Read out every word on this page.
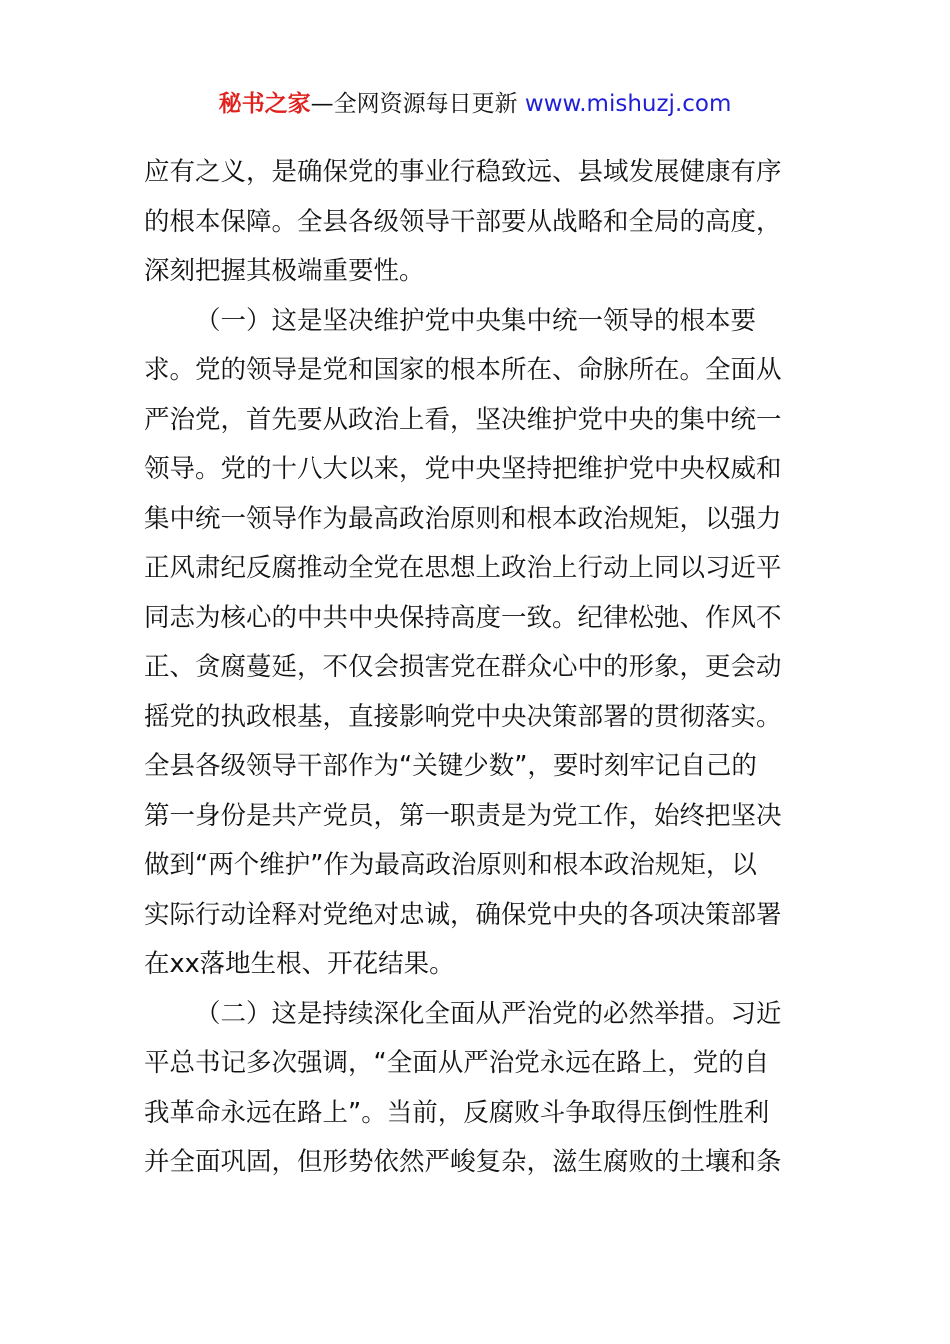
秘书之家—全网资源每日更新 www.mishuzj.com
应有之义，是确保党的事业行稳致远、县域发展健康有序
的根本保障。全县各级领导干部要从战略和全局的高度，
深刻把握其极端重要性。
（一）这是坚决维护党中央集中统一领导的根本要
求。党的领导是党和国家的根本所在、命脉所在。全面从
严治党，首先要从政治上看，坚决维护党中央的集中统一
领导。党的十八大以来，党中央坚持把维护党中央权威和
集中统一领导作为最高政治原则和根本政治规矩，以强力
正风肃纪反腐推动全党在思想上政治上行动上同以习近平
同志为核心的中共中央保持高度一致。纪律松弛、作风不
正、贪腐蔓延，不仅会损害党在群众心中的形象，更会动
摇党的执政根基，直接影响党中央决策部署的贯彻落实。
全县各级领导干部作为“关键少数”，要时刻牢记自己的
第一身份是共产党员，第一职责是为党工作，始终把坚决
做到“两个维护”作为最高政治原则和根本政治规矩，以
实际行动诠释对党绝对忠诚，确保党中央的各项决策部署
在xx落地生根、开花结果。
（二）这是持续深化全面从严治党的必然举措。习近
平总书记多次强调，“全面从严治党永远在路上，党的自
我革命永远在路上”。当前，反腐败斗争取得压倒性胜利
并全面巩固，但形势依然严峻复杂，滋生腐败的土壤和条
